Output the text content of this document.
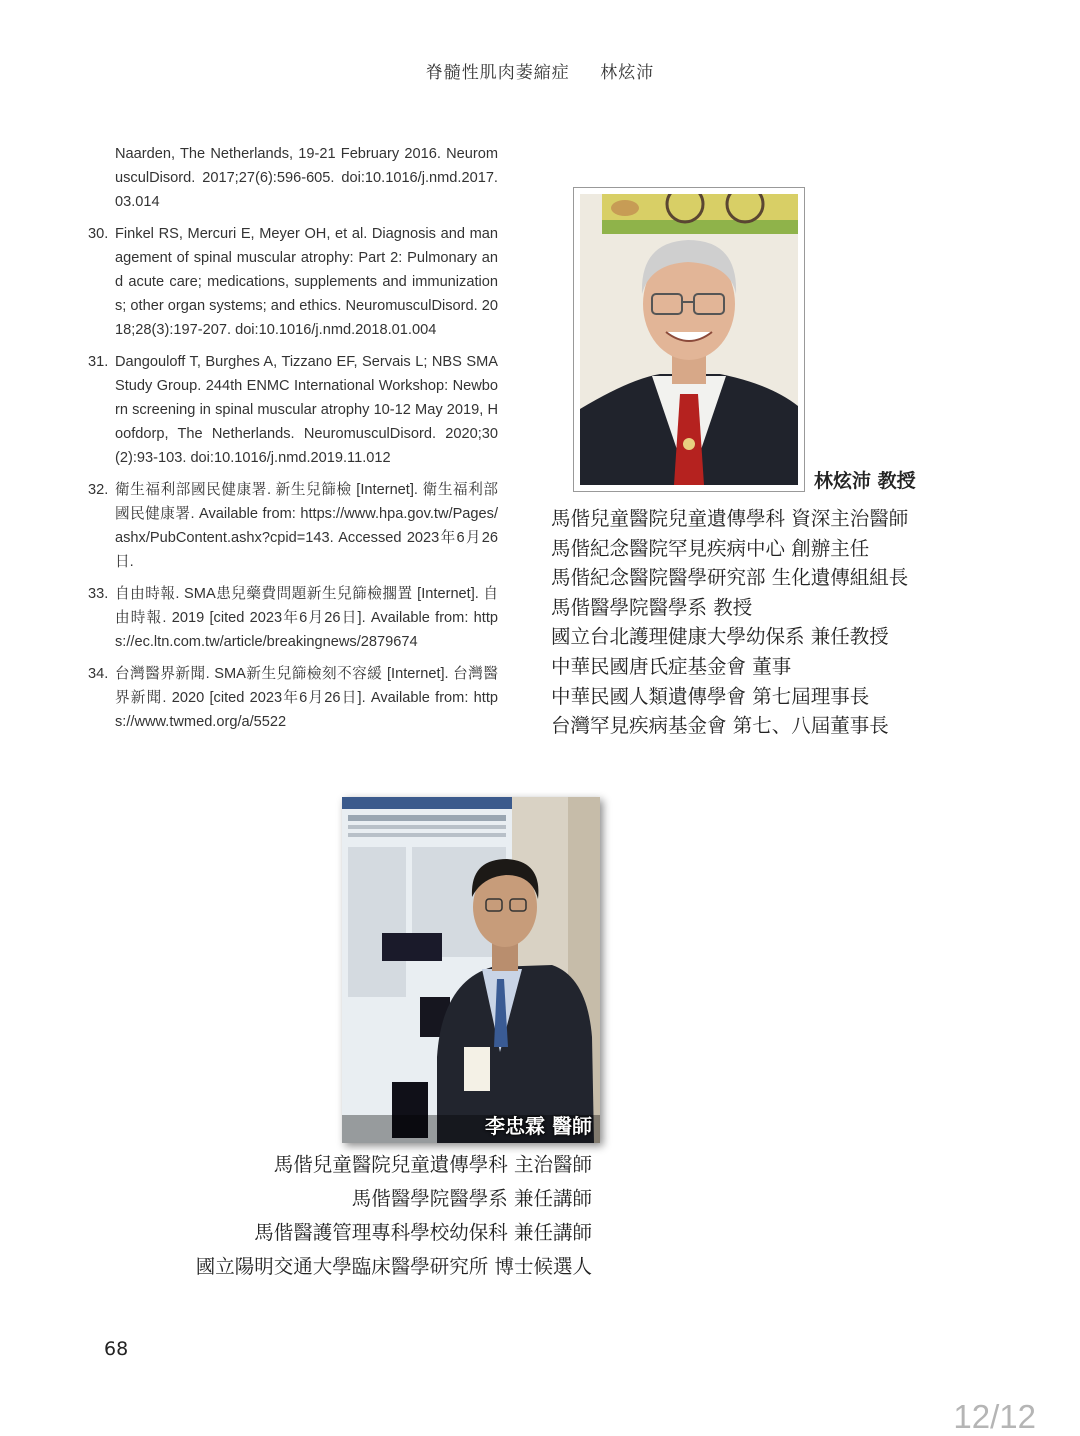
脊髓性肌肉萎縮症 林炫沛
Naarden, The Netherlands, 19-21 February 2016. NeuromusculDisord. 2017;27(6):596-605. doi:10.1016/j.nmd.2017.03.014
30. Finkel RS, Mercuri E, Meyer OH, et al. Diagnosis and management of spinal muscular atrophy: Part 2: Pulmonary and acute care; medications, supplements and immunizations; other organ systems; and ethics. NeuromusculDisord. 2018;28(3):197-207. doi:10.1016/j.nmd.2018.01.004
31. Dangouloff T, Burghes A, Tizzano EF, Servais L; NBS SMA Study Group. 244th ENMC International Workshop: Newborn screening in spinal muscular atrophy 10-12 May 2019, Hoofdorp, The Netherlands. NeuromusculDisord. 2020;30(2):93-103. doi:10.1016/j.nmd.2019.11.012
32. 衛生福利部國民健康署. 新生兒篩檢 [Internet]. 衛生福利部國民健康署. Available from: https://www.hpa.gov.tw/Pages/ashx/PubContent.ashx?cpid=143. Accessed 2023年6月26日.
33. 自由時報. SMA患兒藥費問題新生兒篩檢擱置 [Internet]. 自由時報. 2019 [cited 2023年6月26日]. Available from: https://ec.ltn.com.tw/article/breakingnews/2879674
34. 台灣醫界新聞. SMA新生兒篩檢刻不容緩 [Internet]. 台灣醫界新聞. 2020 [cited 2023年6月26日]. Available from: https://www.twmed.org/a/5522
林炫沛 教授
馬偕兒童醫院兒童遺傳學科 資深主治醫師
馬偕紀念醫院罕見疾病中心 創辦主任
馬偕紀念醫院醫學研究部 生化遺傳組組長
馬偕醫學院醫學系 教授
國立台北護理健康大學幼保系 兼任教授
中華民國唐氏症基金會 董事
中華民國人類遺傳學會 第七屆理事長
台灣罕見疾病基金會 第七、八屆董事長
李忠霖 醫師
馬偕兒童醫院兒童遺傳學科 主治醫師
馬偕醫學院醫學系 兼任講師
馬偕醫護管理專科學校幼保科 兼任講師
國立陽明交通大學臨床醫學研究所 博士候選人
68
12/12
